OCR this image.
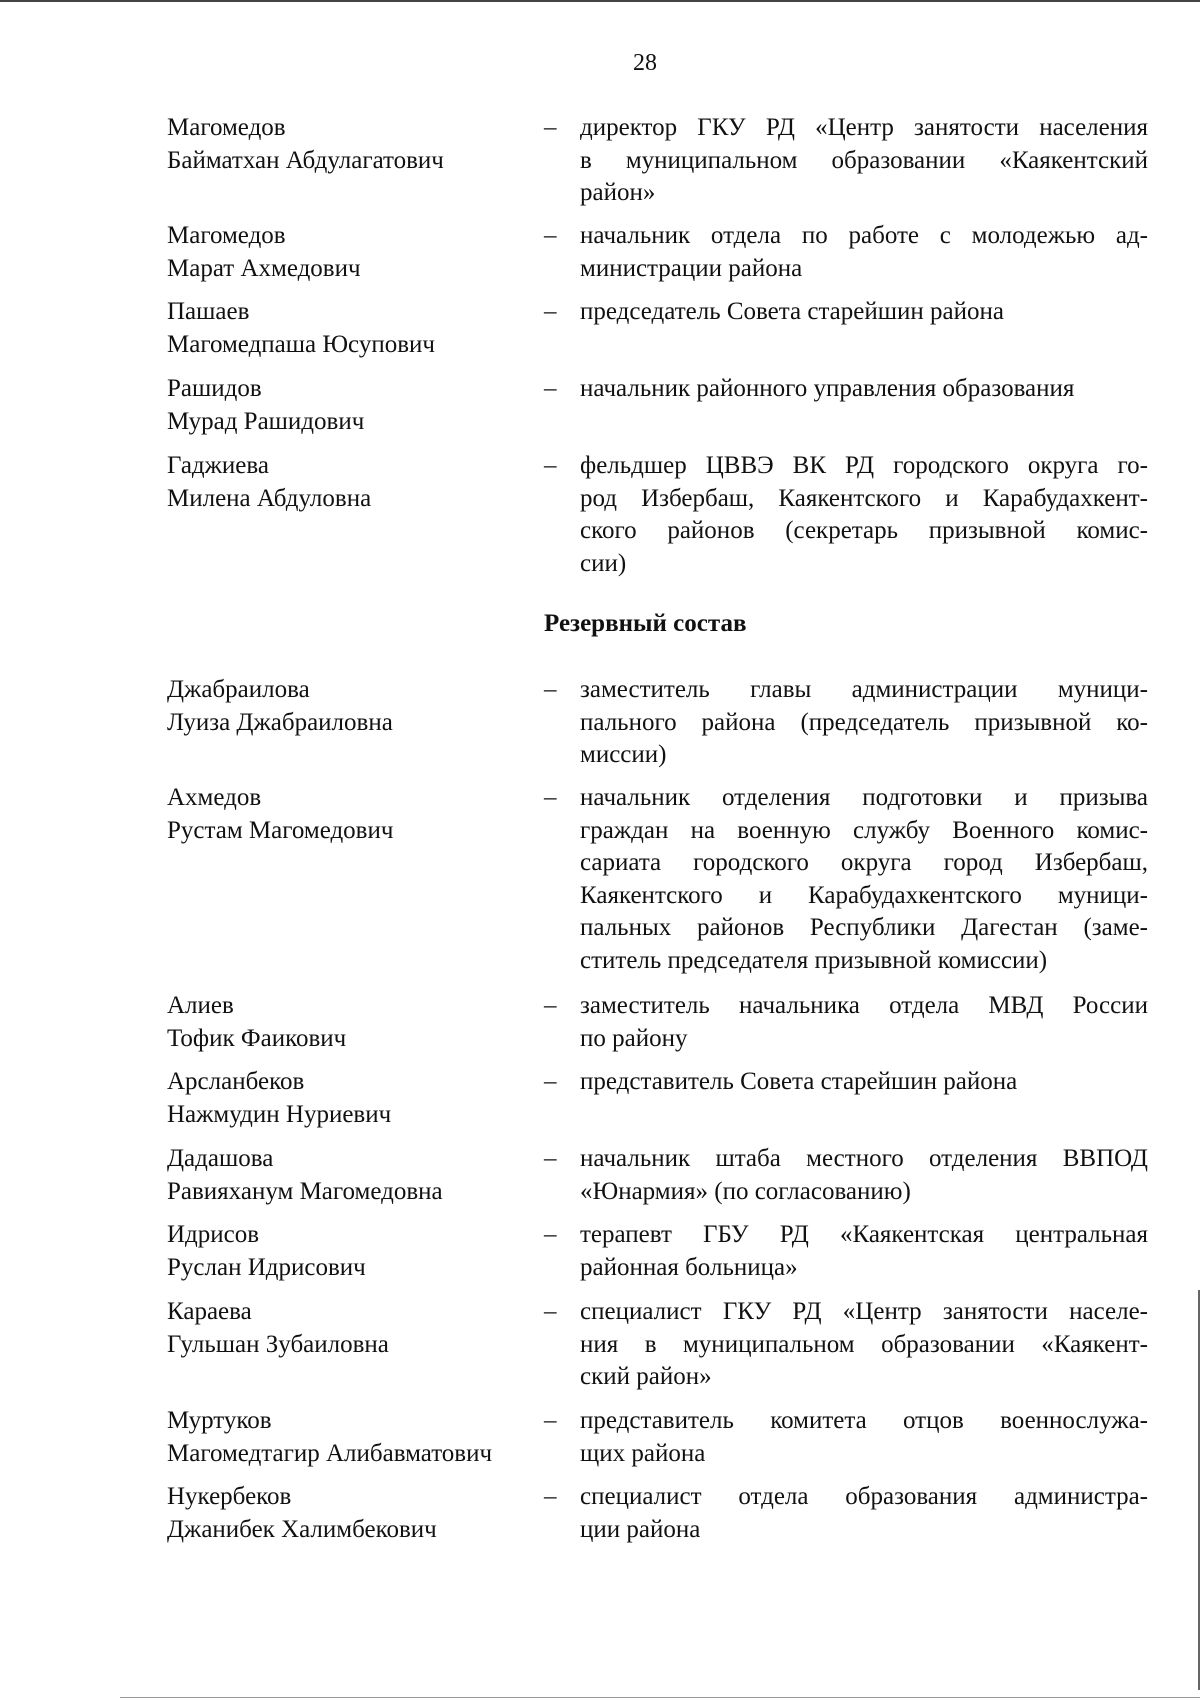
28
Магомедов
Байматхан Абдулагатович
– директор ГКУ РД «Центр занятости населения
в муниципальном образовании «Каякентский
район»
Магомедов
Марат Ахмедович
– начальник отдела по работе с молодежью ад-
министрации района
Пашаев
Магомедпаша Юсупович
– председатель Совета старейшин района
Рашидов
Мурад Рашидович
– начальник районного управления образования
Гаджиева
Милена Абдуловна
– фельдшер ЦВВЭ ВК РД городского округа го-
род Избербаш, Каякентского и Карабудахкент-
ского районов (секретарь призывной комис-
сии)
Резервный состав
Джабраилова
Луиза Джабраиловна
– заместитель главы администрации муници-
пального района (председатель призывной ко-
миссии)
Ахмедов
Рустам Магомедович
– начальник отделения подготовки и призыва
граждан на военную службу Военного комис-
сариата городского округа город Избербаш,
Каякентского и Карабудахкентского муници-
пальных районов Республики Дагестан (заме-
ститель председателя призывной комиссии)
Алиев
Тофик Фаикович
– заместитель начальника отдела МВД России
по району
Арсланбеков
Нажмудин Нуриевич
– представитель Совета старейшин района
Дадашова
Равияханум Магомедовна
– начальник штаба местного отделения ВВПОД
«Юнармия» (по согласованию)
Идрисов
Руслан Идрисович
– терапевт ГБУ РД «Каякентская центральная
районная больница»
Караева
Гульшан Зубаиловна
– специалист ГКУ РД «Центр занятости населе-
ния в муниципальном образовании «Каякент-
ский район»
Муртуков
Магомедтагир Алибавматович
– представитель комитета отцов военнослужа-
щих района
Нукербеков
Джанибек Халимбекович
– специалист отдела образования администра-
ции района
